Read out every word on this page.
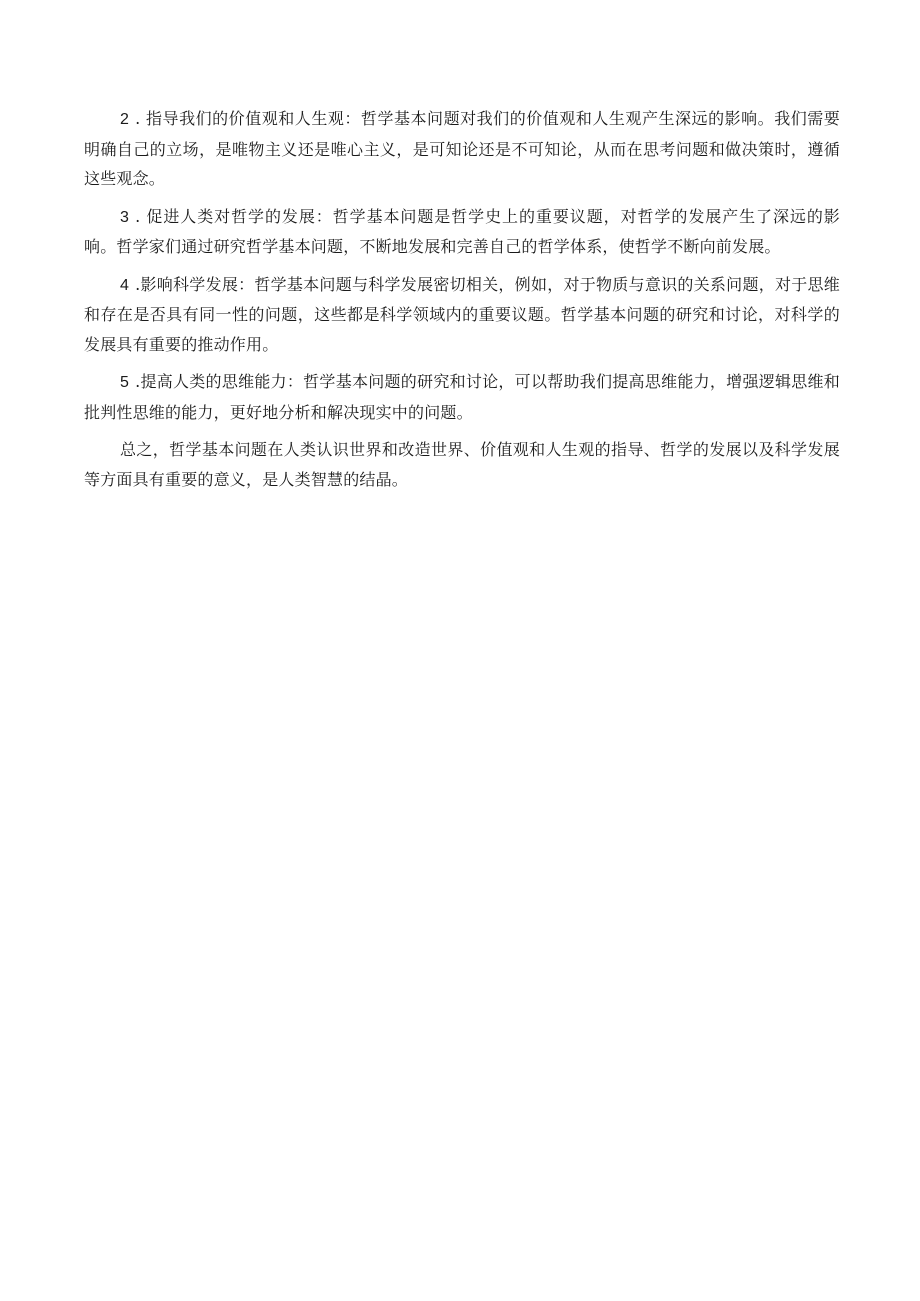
2 . 指导我们的价值观和人生观：哲学基本问题对我们的价值观和人生观产生深远的影响。我们需要明确自己的立场，是唯物主义还是唯心主义，是可知论还是不可知论，从而在思考问题和做决策时，遵循这些观念。

3 . 促进人类对哲学的发展：哲学基本问题是哲学史上的重要议题，对哲学的发展产生了深远的影响。哲学家们通过研究哲学基本问题，不断地发展和完善自己的哲学体系，使哲学不断向前发展。

4 .影响科学发展：哲学基本问题与科学发展密切相关，例如，对于物质与意识的关系问题，对于思维和存在是否具有同一性的问题，这些都是科学领域内的重要议题。哲学基本问题的研究和讨论，对科学的发展具有重要的推动作用。

5 .提高人类的思维能力：哲学基本问题的研究和讨论，可以帮助我们提高思维能力，增强逻辑思维和批判性思维的能力，更好地分析和解决现实中的问题。

总之，哲学基本问题在人类认识世界和改造世界、价值观和人生观的指导、哲学的发展以及科学发展等方面具有重要的意义，是人类智慧的结晶。
